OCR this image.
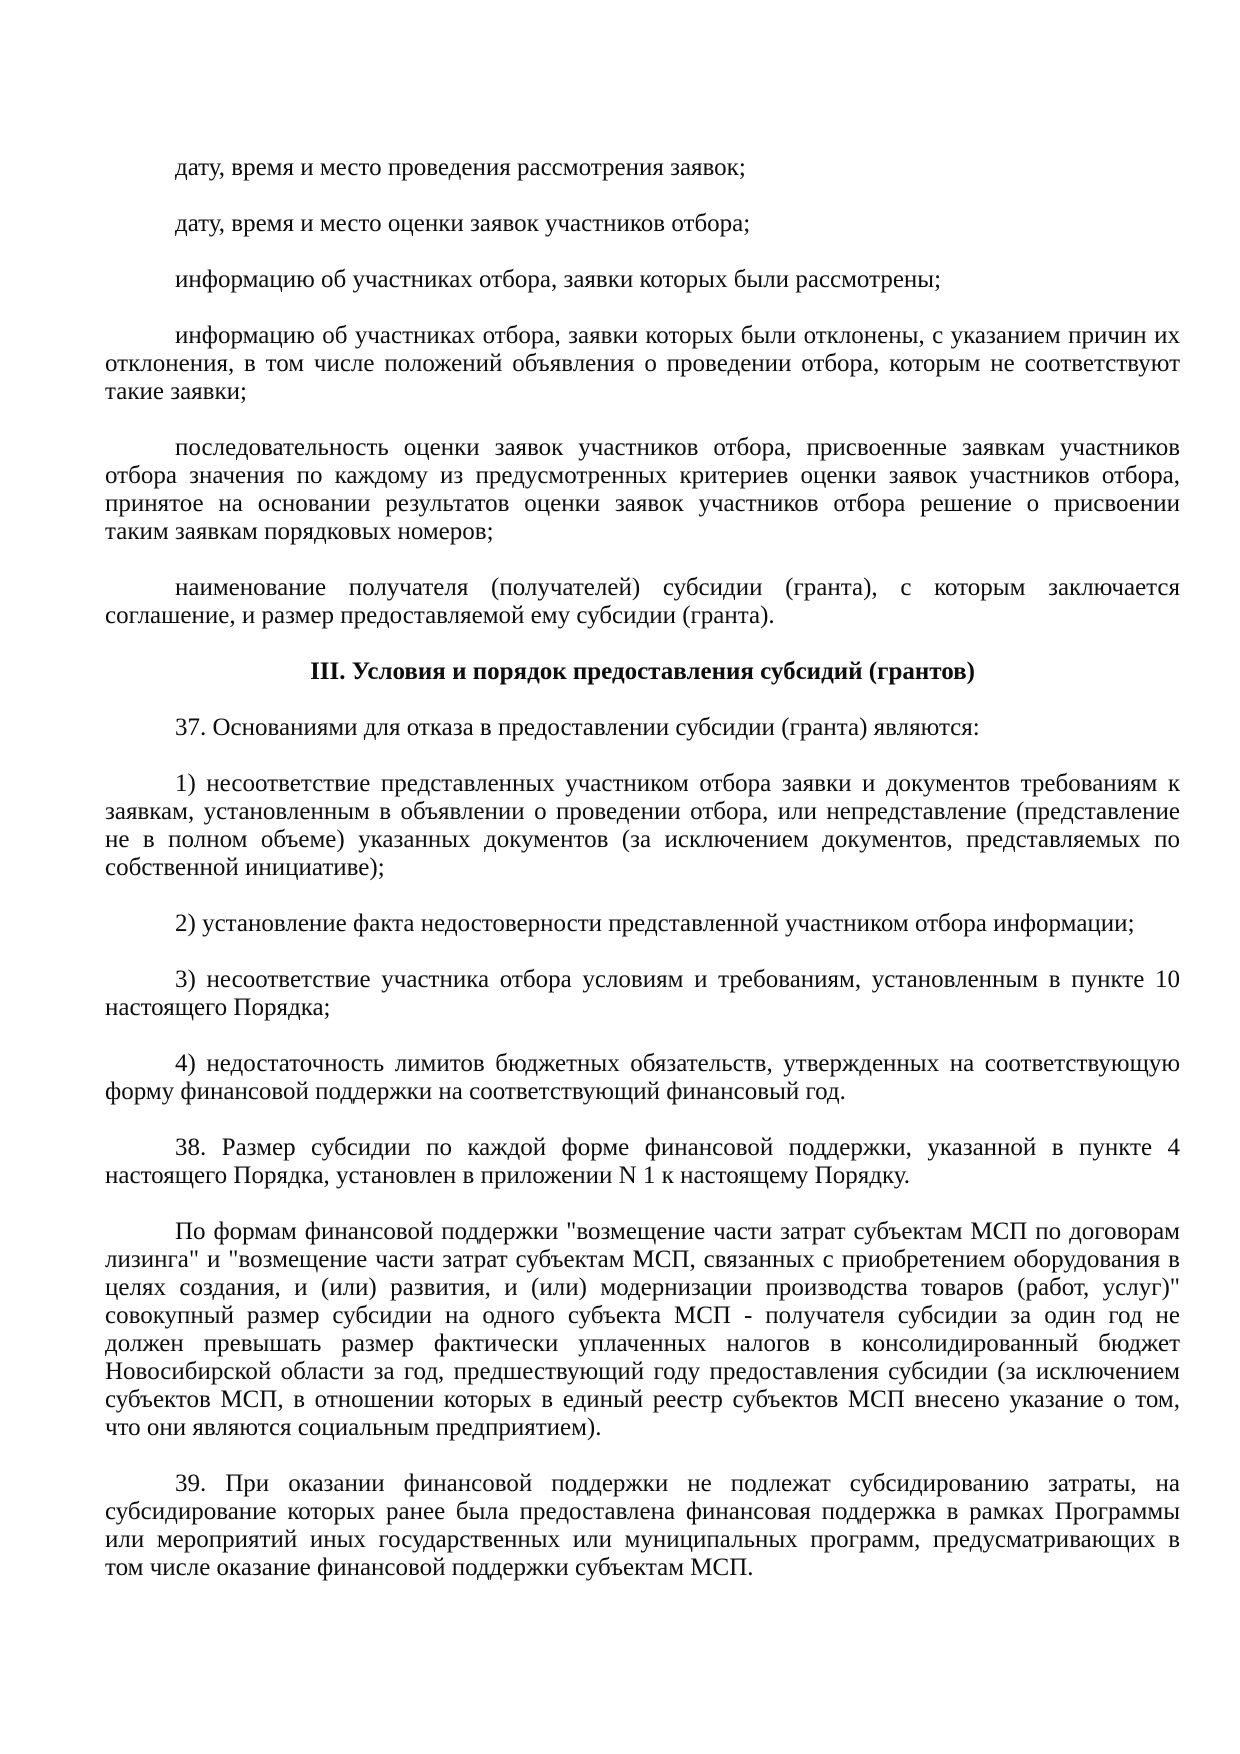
дату, время и место проведения рассмотрения заявок;
дату, время и место оценки заявок участников отбора;
информацию об участниках отбора, заявки которых были рассмотрены;
информацию об участниках отбора, заявки которых были отклонены, с указанием причин их
отклонения, в том числе положений объявления о проведении отбора, которым не соответствуют
такие заявки;
последовательность оценки заявок участников отбора, присвоенные заявкам участников
отбора значения по каждому из предусмотренных критериев оценки заявок участников отбора,
принятое на основании результатов оценки заявок участников отбора решение о присвоении
таким заявкам порядковых номеров;
наименование получателя (получателей) субсидии (гранта), с которым заключается
соглашение, и размер предоставляемой ему субсидии (гранта).
III. Условия и порядок предоставления субсидий (грантов)
37. Основаниями для отказа в предоставлении субсидии (гранта) являются:
1) несоответствие представленных участником отбора заявки и документов требованиям к
заявкам, установленным в объявлении о проведении отбора, или непредставление (представление
не в полном объеме) указанных документов (за исключением документов, представляемых по
собственной инициативе);
2) установление факта недостоверности представленной участником отбора информации;
3) несоответствие участника отбора условиям и требованиям, установленным в пункте 10
настоящего Порядка;
4) недостаточность лимитов бюджетных обязательств, утвержденных на соответствующую
форму финансовой поддержки на соответствующий финансовый год.
38. Размер субсидии по каждой форме финансовой поддержки, указанной в пункте 4
настоящего Порядка, установлен в приложении N 1 к настоящему Порядку.
По формам финансовой поддержки "возмещение части затрат субъектам МСП по договорам
лизинга" и "возмещение части затрат субъектам МСП, связанных с приобретением оборудования в
целях создания, и (или) развития, и (или) модернизации производства товаров (работ, услуг)"
совокупный размер субсидии на одного субъекта МСП - получателя субсидии за один год не
должен превышать размер фактически уплаченных налогов в консолидированный бюджет
Новосибирской области за год, предшествующий году предоставления субсидии (за исключением
субъектов МСП, в отношении которых в единый реестр субъектов МСП внесено указание о том,
что они являются социальным предприятием).
39. При оказании финансовой поддержки не подлежат субсидированию затраты, на
субсидирование которых ранее была предоставлена финансовая поддержка в рамках Программы
или мероприятий иных государственных или муниципальных программ, предусматривающих в
том числе оказание финансовой поддержки субъектам МСП.
